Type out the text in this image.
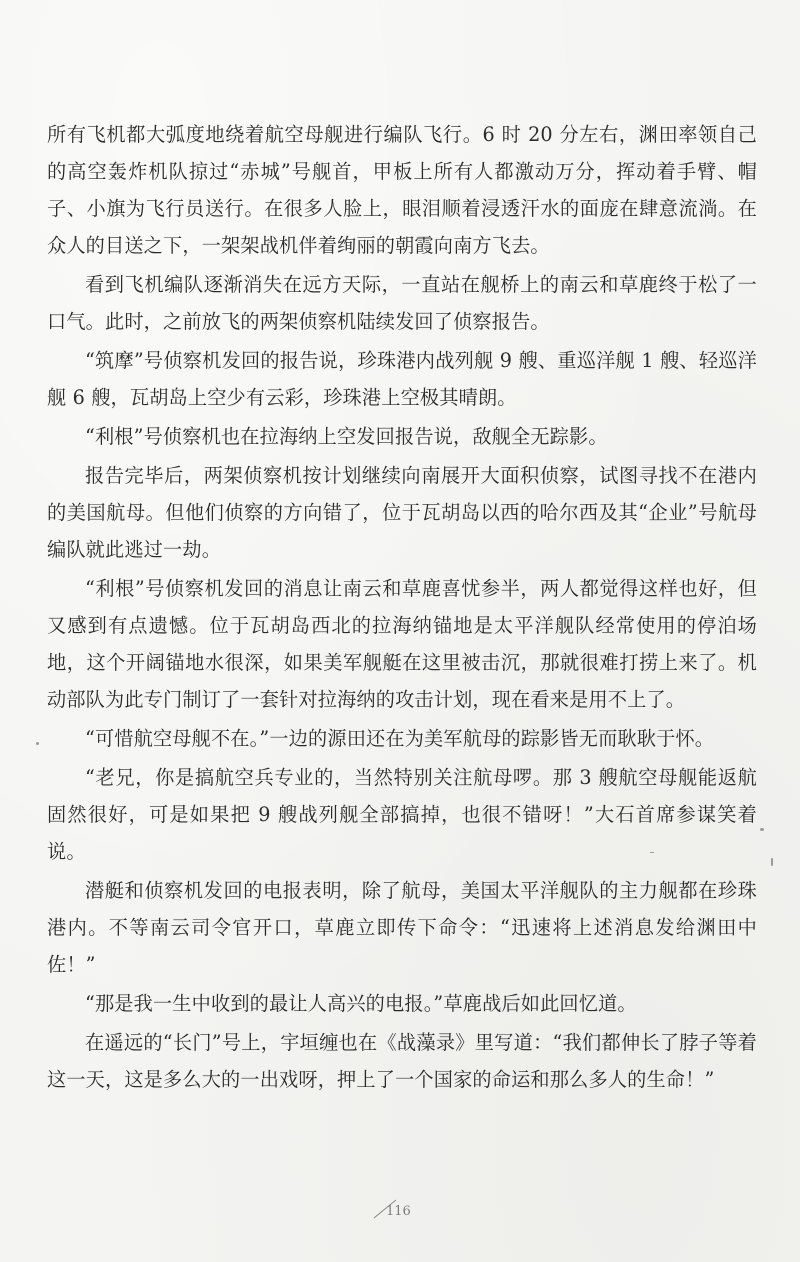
所有飞机都大弧度地绕着航空母舰进行编队飞行。6 时 20 分左右，渊田率领自己的高空轰炸机队掠过“赤城”号舰首，甲板上所有人都激动万分，挥动着手臂、帽子、小旗为飞行员送行。在很多人脸上，眼泪顺着浸透汗水的面庞在肆意流淌。在众人的目送之下，一架架战机伴着绚丽的朝霞向南方飞去。

看到飞机编队逐渐消失在远方天际，一直站在舰桥上的南云和草鹿终于松了一口气。此时，之前放飞的两架侦察机陆续发回了侦察报告。

“筑摩”号侦察机发回的报告说，珍珠港内战列舰 9 艘、重巡洋舰 1 艘、轻巡洋舰 6 艘，瓦胡岛上空少有云彩，珍珠港上空极其晴朗。

“利根”号侦察机也在拉海纳上空发回报告说，敌舰全无踪影。

报告完毕后，两架侦察机按计划继续向南展开大面积侦察，试图寻找不在港内的美国航母。但他们侦察的方向错了，位于瓦胡岛以西的哈尔西及其“企业”号航母编队就此逃过一劫。

“利根”号侦察机发回的消息让南云和草鹿喜忧参半，两人都觉得这样也好，但又感到有点遗憾。位于瓦胡岛西北的拉海纳锚地是太平洋舰队经常使用的停泊场地，这个开阔锚地水很深，如果美军舰艇在这里被击沉，那就很难打捞上来了。机动部队为此专门制订了一套针对拉海纳的攻击计划，现在看来是用不上了。

“可惜航空母舰不在。”一边的源田还在为美军航母的踪影皆无而耿耿于怀。

“老兄，你是搞航空兵专业的，当然特别关注航母啰。那 3 艘航空母舰能返航固然很好，可是如果把 9 艘战列舰全部搞掉，也很不错呀！”大石首席参谋笑着说。

潜艇和侦察机发回的电报表明，除了航母，美国太平洋舰队的主力舰都在珍珠港内。不等南云司令官开口，草鹿立即传下命令：“迅速将上述消息发给渊田中佐！”

“那是我一生中收到的最让人高兴的电报。”草鹿战后如此回忆道。

在遥远的“长门”号上，宇垣缠也在《战藻录》里写道：“我们都伸长了脖子等着这一天，这是多么大的一出戏呀，押上了一个国家的命运和那么多人的生命！”

116
